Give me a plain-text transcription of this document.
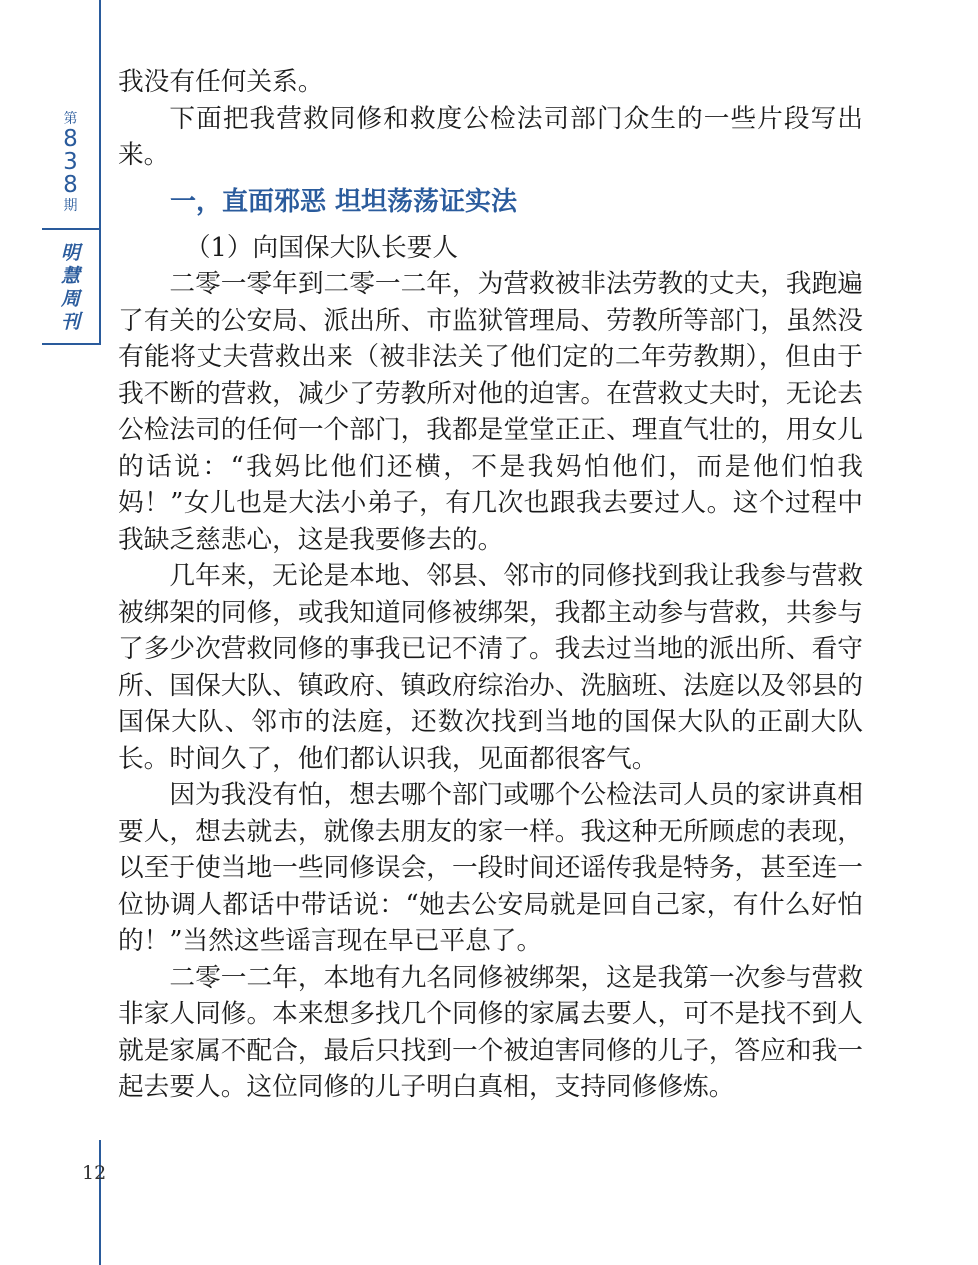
第
8
3
8
期
明
慧
周
刊
12

我没有任何关系。

下面把我营救同修和救度公检法司部门众生的一些片段写出来。

一，直面邪恶 坦坦荡荡证实法

（1）向国保大队长要人

二零一零年到二零一二年，为营救被非法劳教的丈夫，我跑遍了有关的公安局、派出所、市监狱管理局、劳教所等部门，虽然没有能将丈夫营救出来（被非法关了他们定的二年劳教期），但由于我不断的营救，减少了劳教所对他的迫害。在营救丈夫时，无论去公检法司的任何一个部门，我都是堂堂正正、理直气壮的，用女儿的话说：“我妈比他们还横，不是我妈怕他们，而是他们怕我妈！”女儿也是大法小弟子，有几次也跟我去要过人。这个过程中我缺乏慈悲心，这是我要修去的。

几年来，无论是本地、邻县、邻市的同修找到我让我参与营救被绑架的同修，或我知道同修被绑架，我都主动参与营救，共参与了多少次营救同修的事我已记不清了。我去过当地的派出所、看守所、国保大队、镇政府、镇政府综治办、洗脑班、法庭以及邻县的国保大队、邻市的法庭，还数次找到当地的国保大队的正副大队长。时间久了，他们都认识我，见面都很客气。

因为我没有怕，想去哪个部门或哪个公检法司人员的家讲真相要人，想去就去，就像去朋友的家一样。我这种无所顾虑的表现，以至于使当地一些同修误会，一段时间还谣传我是特务，甚至连一位协调人都话中带话说：“她去公安局就是回自己家，有什么好怕的！”当然这些谣言现在早已平息了。

二零一二年，本地有九名同修被绑架，这是我第一次参与营救非家人同修。本来想多找几个同修的家属去要人，可不是找不到人就是家属不配合，最后只找到一个被迫害同修的儿子，答应和我一起去要人。这位同修的儿子明白真相，支持同修修炼。
